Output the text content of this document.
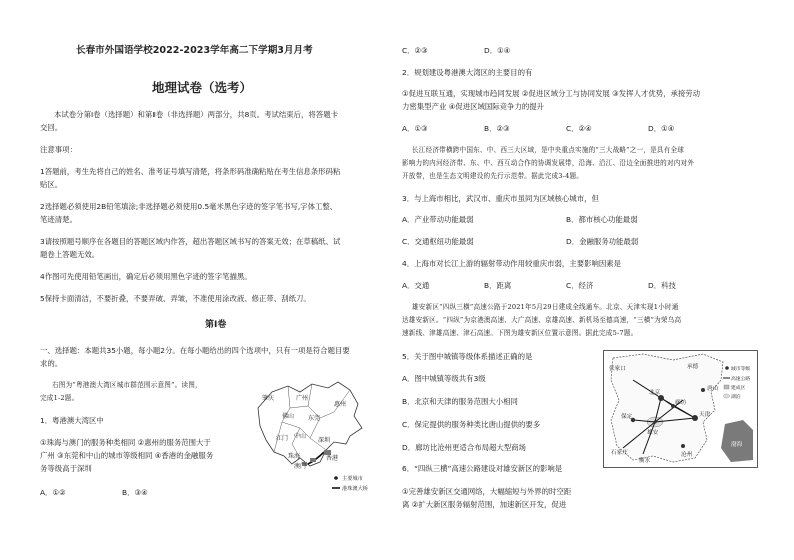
长春市外国语学校2022-2023学年高二下学期3月月考
地理试卷（选考）
本试卷分第Ⅰ卷（选择题）和第Ⅱ卷（非选择题）两部分，共8页。考试结束后，将答题卡
交回。
注意事项：
1答题前，考生先将自己的姓名、准考证号填写清楚，将条形码准确粘贴在考生信息条形码粘
贴区。
2选择题必须使用2B铅笔填涂;非选择题必须使用0.5毫米黑色字迹的签字笔书写,字体工整、
笔迹清楚。
3请按照题号顺序在各题目的答题区域内作答，超出答题区域书写的答案无效；在草稿纸、试
题卷上答题无效。
4作图可先使用铅笔画出，确定后必须用黑色字迹的签字笔描黑。
5保持卡面清洁，不要折叠，不要弄破、弄皱，不准使用涂改液、修正带、刮纸刀。
第Ⅰ卷
一、选择题：本题共35小题，每小题2分。在每小题给出的四个选项中，只有一项是符合题目要
求的。
右图为“粤港澳大湾区城市群范围示意图”。读图，
完成1-2题。
1．粤港澳大湾区中
①珠海与澳门的服务种类相同 ②惠州的服务范围大于
广州 ③东莞和中山的城市等级相同 ④香港的金融服务
务等级高于深圳
A．①②	B．③④
肇庆	广州
佛山 东莞
惠州
江门 中山
深圳
珠海	香港
澳门
主要城市
港珠澳大桥
C．②③	D．①④
2．规划建设粤港澳大湾区的主要目的有
①促进互联互通，实现城市趋同发展 ②促进区域分工与协同发展 ③发挥人才优势，承接劳动
力密集型产业 ④促进区域国际竞争力的提升
A．①③	B．②③	C．②④	D．①④
长江经济带横跨中国东、中、西三大区域，是中央重点实施的“三大战略”之一，是具有全球
影响力的内河经济带、东、中、西互动合作的协调发展带，沿海、沿江、沿边全面推进的对内对外
开放带，也是生态文明建设的先行示范带。据此完成3-4题。
3．与上海市相比，武汉市、重庆市虽同为区域核心城市，但
A．产业带动功能最弱	B．都市核心功能最弱
C．交通枢纽功能最弱	D．金融服务功能最弱
4．上海市对长江上游的辐射带动作用较重庆市弱，主要影响因素是
A．交通	B．距离	C．经济	D．科技
雄安新区“四纵三横”高速公路于2021年5月29日建成全线通车。北京、天津实现1小时通
达雄安新区。“四纵”为京港澳高速、大广高速、京雄高速、新机场至德高速，“三横”为荣乌高
速新线、津雄高速、津石高速。下图为雄安新区位置示意图。据此完成5-7题。
5．关于图中城镇等级体系描述正确的是
A．图中城镇等级共有3级
B．北京和天津的服务范围大小相同
C．保定提供的服务种类比唐山提供的要多
D．廊坊比沧州更适合布局超大型商场
6．“四纵三横”高速公路建设对雄安新区的影响是
①完善雄安新区交通网络，大幅缩短与外界的时空距
离 ②扩大新区服务辐射范围，加速新区开发，促进
张家口	承德
北京
唐山
天津
廊坊
保定
雄安
沧州
衡水
石家庄
渤海
城市等级
高速公路
建成区
湖泊
